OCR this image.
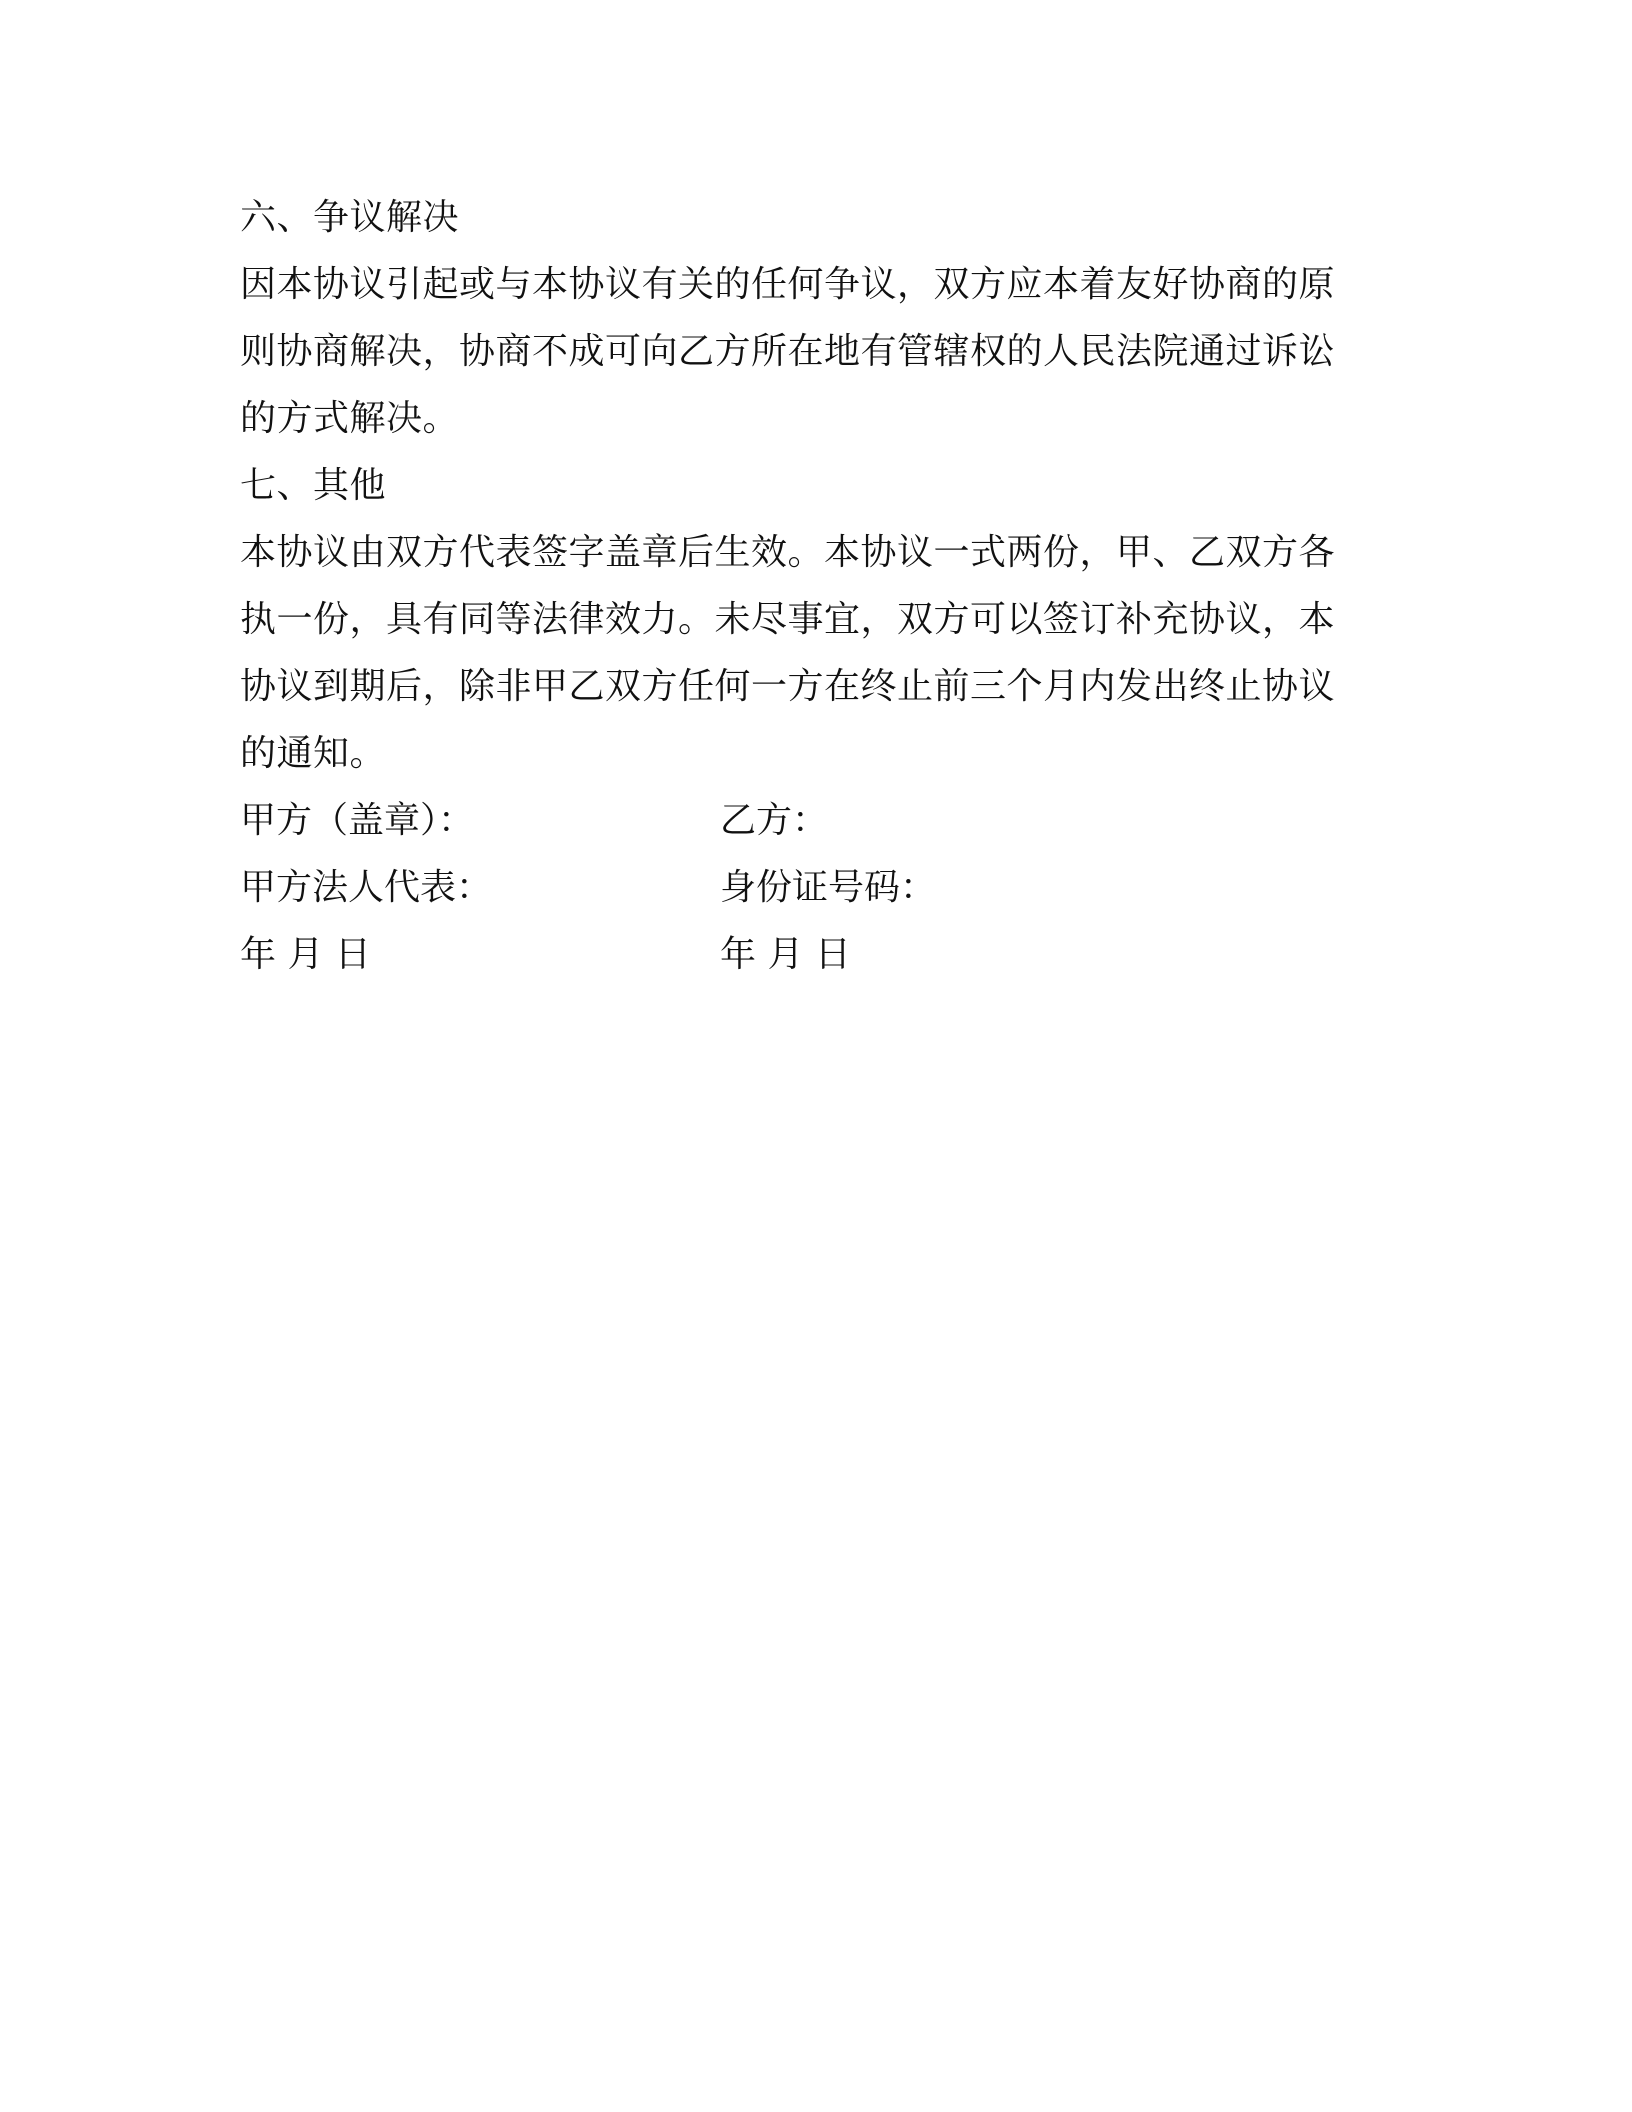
六、争议解决
因本协议引起或与本协议有关的任何争议，双方应本着友好协商的原
则协商解决，协商不成可向乙方所在地有管辖权的人民法院通过诉讼
的方式解决。
七、其他
本协议由双方代表签字盖章后生效。本协议一式两份，甲、乙双方各
执一份，具有同等法律效力。未尽事宜，双方可以签订补充协议，本
协议到期后，除非甲乙双方任何一方在终止前三个月内发出终止协议
的通知。
甲方（盖章）：	乙方：
甲方法人代表：	身份证号码：
年 月 日	年 月 日
